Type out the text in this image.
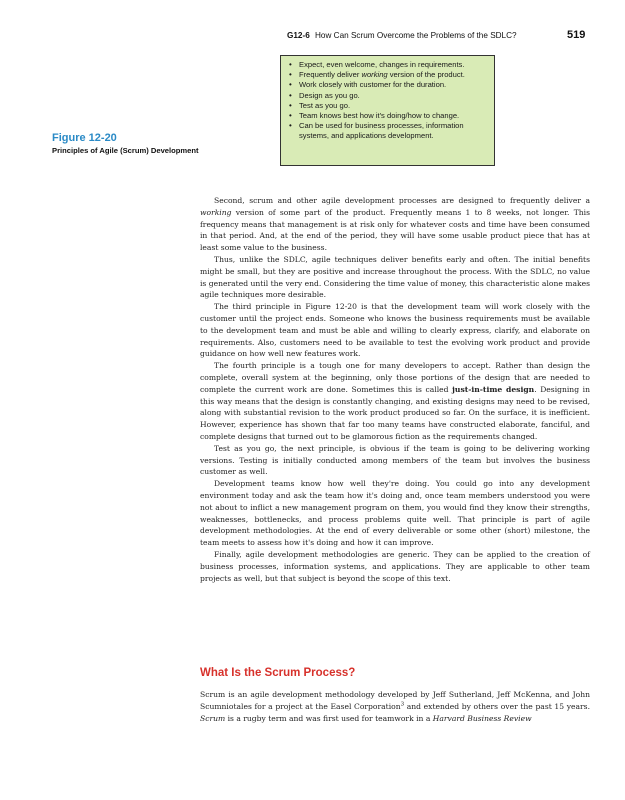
G12-6 How Can Scrum Overcome the Problems of the SDLC?	519
• Expect, even welcome, changes in requirements.
• Frequently deliver working version of the product.
• Work closely with customer for the duration.
• Design as you go.
• Test as you go.
• Team knows best how it's doing/how to change.
• Can be used for business processes, information systems, and applications development.
Figure 12-20
Principles of Agile (Scrum) Development

Second, scrum and other agile development processes are designed to frequently deliver a working version of some part of the product. Frequently means 1 to 8 weeks, not longer. This frequency means that management is at risk only for whatever costs and time have been consumed in that period. And, at the end of the period, they will have some usable product piece that has at least some value to the business.

Thus, unlike the SDLC, agile techniques deliver benefits early and often. The initial benefits might be small, but they are positive and increase throughout the process. With the SDLC, no value is generated until the very end. Considering the time value of money, this characteristic alone makes agile techniques more desirable.

The third principle in Figure 12-20 is that the development team will work closely with the customer until the project ends. Someone who knows the business requirements must be available to the development team and must be able and willing to clearly express, clarify, and elaborate on requirements. Also, customers need to be available to test the evolving work product and provide guidance on how well new features work.

The fourth principle is a tough one for many developers to accept. Rather than design the complete, overall system at the beginning, only those portions of the design that are needed to complete the current work are done. Sometimes this is called just-in-time design. Designing in this way means that the design is constantly changing, and existing designs may need to be revised, along with substantial revision to the work product produced so far. On the surface, it is inefficient. However, experience has shown that far too many teams have constructed elaborate, fanciful, and complete designs that turned out to be glamorous fiction as the requirements changed.

Test as you go, the next principle, is obvious if the team is going to be delivering working versions. Testing is initially conducted among members of the team but involves the business customer as well.

Development teams know how well they're doing. You could go into any development environment today and ask the team how it's doing and, once team members understood you were not about to inflict a new management program on them, you would find they know their strengths, weaknesses, bottlenecks, and process problems quite well. That principle is part of agile development methodologies. At the end of every deliverable or some other (short) milestone, the team meets to assess how it's doing and how it can improve.

Finally, agile development methodologies are generic. They can be applied to the creation of business processes, information systems, and applications. They are applicable to other team projects as well, but that subject is beyond the scope of this text.

What Is the Scrum Process?

Scrum is an agile development methodology developed by Jeff Sutherland, Jeff McKenna, and John Scumniotales for a project at the Easel Corporation$^3$ and extended by others over the past 15 years. Scrum is a rugby term and was first used for teamwork in a Harvard Business Review
